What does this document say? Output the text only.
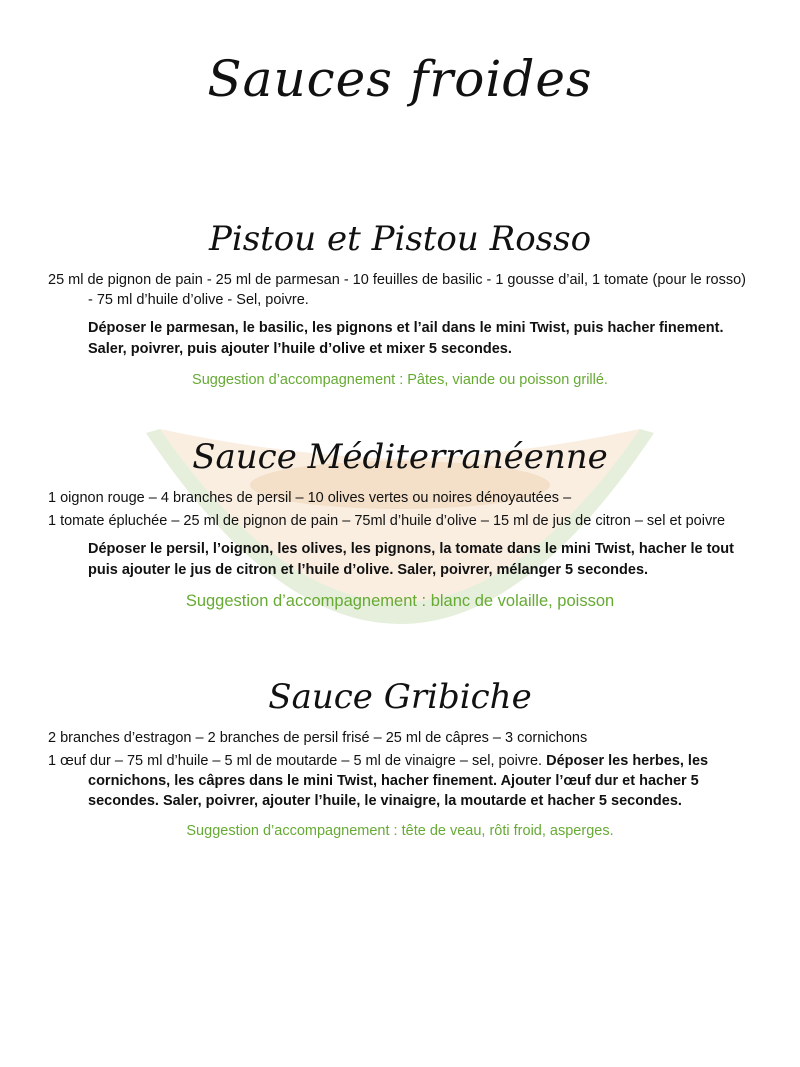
Sauces froides
Pistou et Pistou Rosso

25 ml de pignon de pain - 25 ml de parmesan - 10 feuilles de basilic - 1 gousse d’ail, 1 tomate (pour le rosso) - 75 ml d’huile d’olive - Sel, poivre.

Déposer le parmesan, le basilic, les pignons et l’ail dans le mini Twist, puis hacher finement. Saler, poivrer, puis ajouter l’huile d’olive et mixer 5 secondes.

Suggestion d’accompagnement : Pâtes, viande ou poisson grillé.

Sauce Méditerranéenne

1 oignon rouge – 4 branches de persil – 10 olives vertes ou noires dénoyautées –

1 tomate épluchée – 25 ml de pignon de pain – 75ml d’huile d’olive – 15 ml de jus de citron – sel et poivre

Déposer le persil, l’oignon, les olives, les pignons, la tomate dans le mini Twist, hacher le tout puis ajouter le jus de citron et l’huile d’olive. Saler, poivrer, mélanger 5 secondes.

Suggestion d’accompagnement : blanc de volaille, poisson

Sauce Gribiche

2 branches d’estragon – 2 branches de persil frisé – 25 ml de câpres – 3 cornichons

1 œuf dur – 75 ml d’huile – 5 ml de moutarde – 5 ml de vinaigre – sel, poivre. Déposer les herbes, les cornichons, les câpres dans le mini Twist, hacher finement. Ajouter l’œuf dur et hacher 5 secondes. Saler, poivrer, ajouter l’huile, le vinaigre, la moutarde et hacher 5 secondes.

Suggestion d’accompagnement : tête de veau, rôti froid, asperges.
